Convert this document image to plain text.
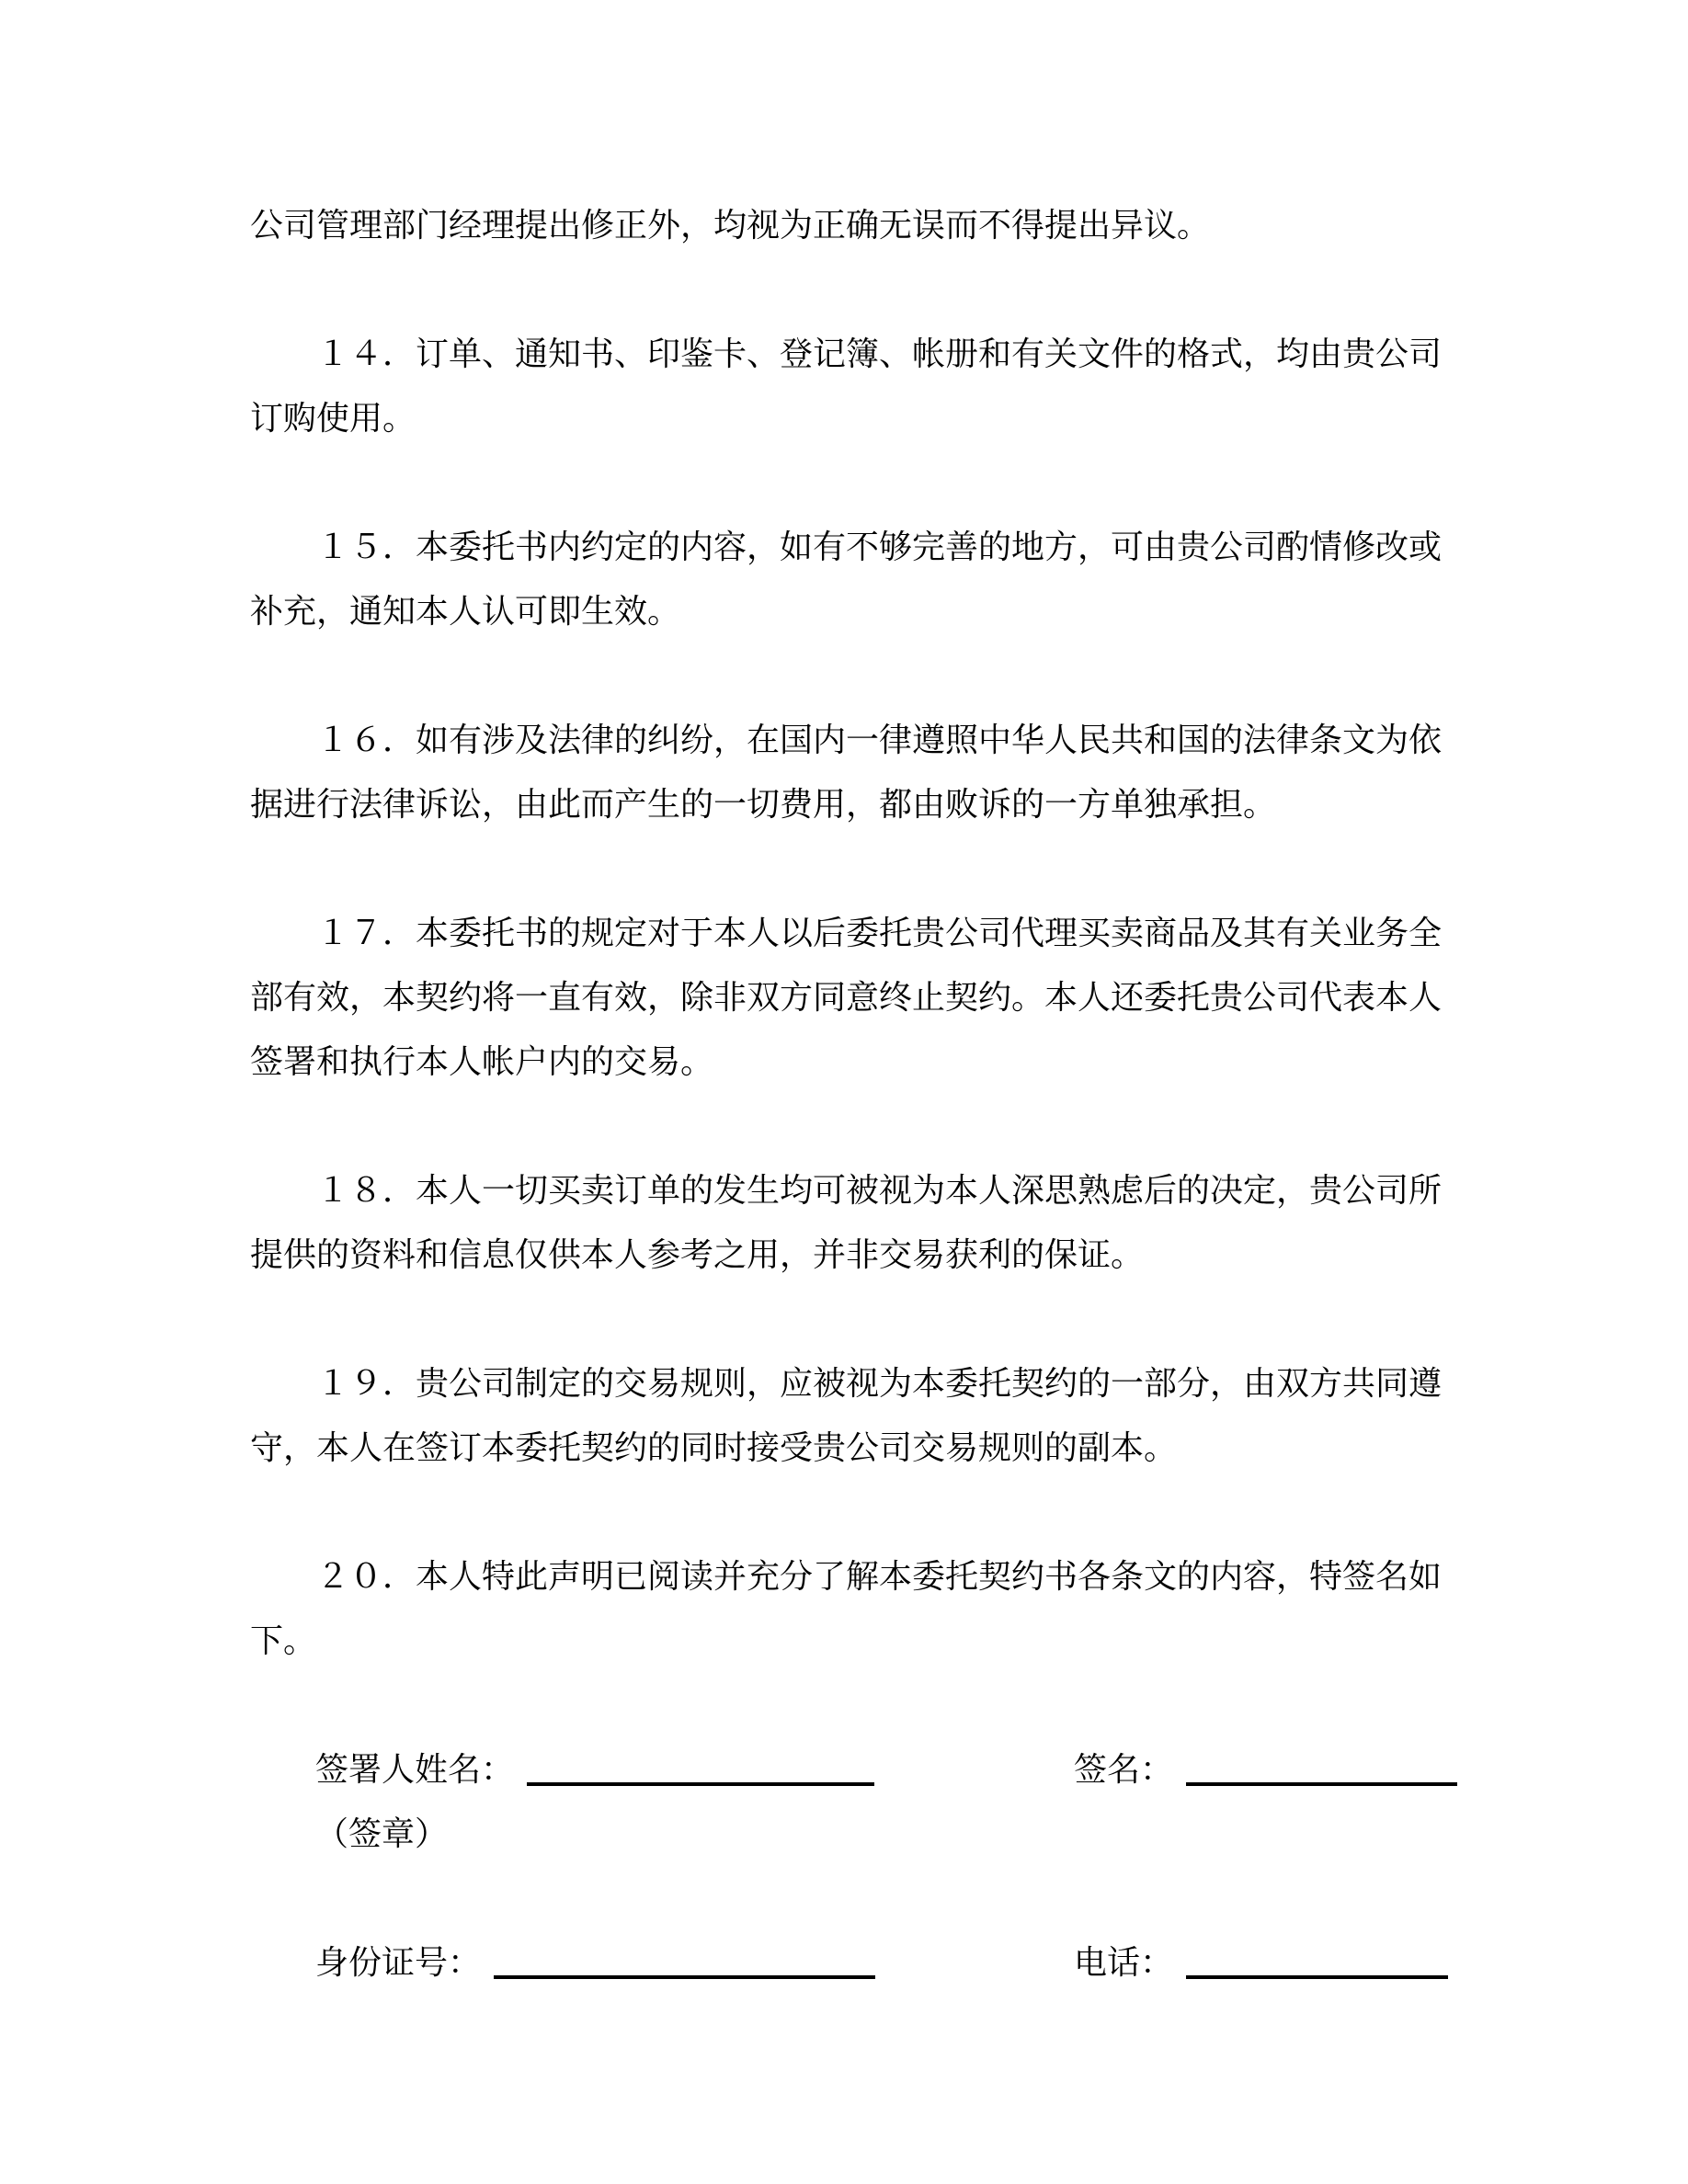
公司管理部门经理提出修正外，均视为正确无误而不得提出异议。

１４．订单、通知书、印鉴卡、登记簿、帐册和有关文件的格式，均由贵公司订购使用。

１５．本委托书内约定的内容，如有不够完善的地方，可由贵公司酌情修改或补充，通知本人认可即生效。

１６．如有涉及法律的纠纷，在国内一律遵照中华人民共和国的法律条文为依据进行法律诉讼，由此而产生的一切费用，都由败诉的一方单独承担。

１７．本委托书的规定对于本人以后委托贵公司代理买卖商品及其有关业务全部有效，本契约将一直有效，除非双方同意终止契约。本人还委托贵公司代表本人签署和执行本人帐户内的交易。

１８．本人一切买卖订单的发生均可被视为本人深思熟虑后的决定，贵公司所提供的资料和信息仅供本人参考之用，并非交易获利的保证。

１９．贵公司制定的交易规则，应被视为本委托契约的一部分，由双方共同遵守，本人在签订本委托契约的同时接受贵公司交易规则的副本。

２０．本人特此声明已阅读并充分了解本委托契约书各条文的内容，特签名如下。

签署人姓名：	签名：
（签章）
身份证号：	电话：
